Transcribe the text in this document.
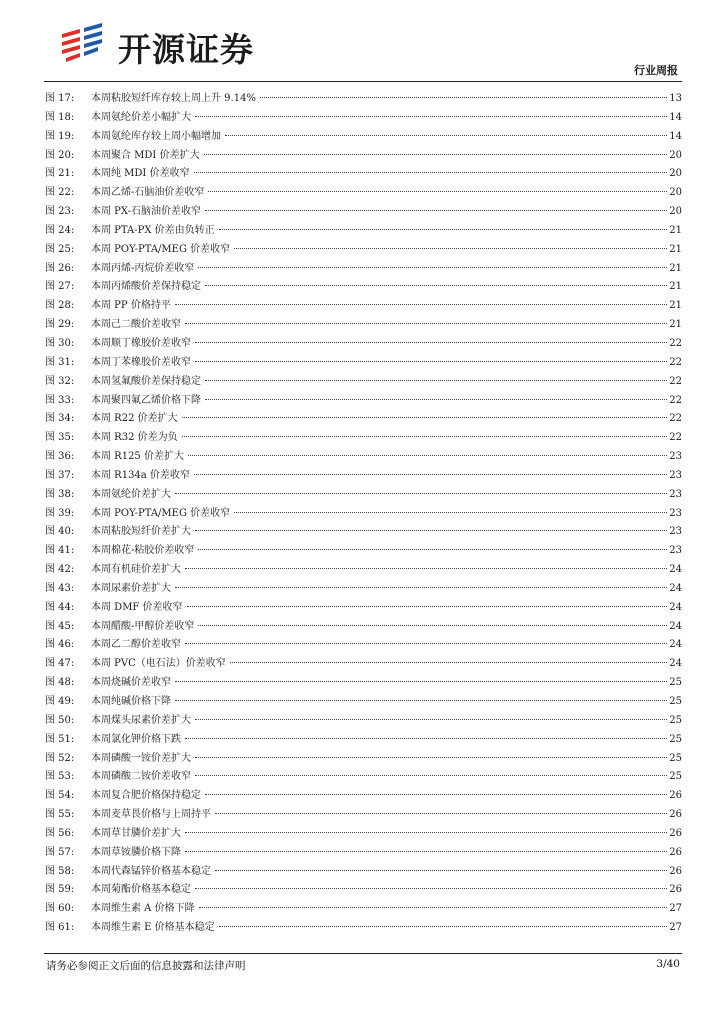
开源证券
行业周报
图 17:	本周粘胶短纤库存较上周上升 9.14%	13
图 18:	本周氨纶价差小幅扩大	14
图 19:	本周氨纶库存较上周小幅增加	14
图 20:	本周聚合 MDI 价差扩大	20
图 21:	本周纯 MDI 价差收窄	20
图 22:	本周乙烯-石脑油价差收窄	20
图 23:	本周 PX-石脑油价差收窄	20
图 24:	本周 PTA-PX 价差由负转正	21
图 25:	本周 POY-PTA/MEG 价差收窄	21
图 26:	本周丙烯-丙烷价差收窄	21
图 27:	本周丙烯酸价差保持稳定	21
图 28:	本周 PP 价格持平	21
图 29:	本周己二酸价差收窄	21
图 30:	本周顺丁橡胶价差收窄	22
图 31:	本周丁苯橡胶价差收窄	22
图 32:	本周氢氟酸价差保持稳定	22
图 33:	本周聚四氟乙烯价格下降	22
图 34:	本周 R22 价差扩大	22
图 35:	本周 R32 价差为负	22
图 36:	本周 R125 价差扩大	23
图 37:	本周 R134a 价差收窄	23
图 38:	本周氨纶价差扩大	23
图 39:	本周 POY-PTA/MEG 价差收窄	23
图 40:	本周粘胶短纤价差扩大	23
图 41:	本周棉花-粘胶价差收窄	23
图 42:	本周有机硅价差扩大	24
图 43:	本周尿素价差扩大	24
图 44:	本周 DMF 价差收窄	24
图 45:	本周醋酸-甲醇价差收窄	24
图 46:	本周乙二醇价差收窄	24
图 47:	本周 PVC（电石法）价差收窄	24
图 48:	本周烧碱价差收窄	25
图 49:	本周纯碱价格下降	25
图 50:	本周煤头尿素价差扩大	25
图 51:	本周氯化钾价格下跌	25
图 52:	本周磷酸一铵价差扩大	25
图 53:	本周磷酸二铵价差收窄	25
图 54:	本周复合肥价格保持稳定	26
图 55:	本周麦草畏价格与上周持平	26
图 56:	本周草甘膦价差扩大	26
图 57:	本周草铵膦价格下降	26
图 58:	本周代森锰锌价格基本稳定	26
图 59:	本周菊酯价格基本稳定	26
图 60:	本周维生素 A 价格下降	27
图 61:	本周维生素 E 价格基本稳定	27
请务必参阅正文后面的信息披露和法律声明	3/40
